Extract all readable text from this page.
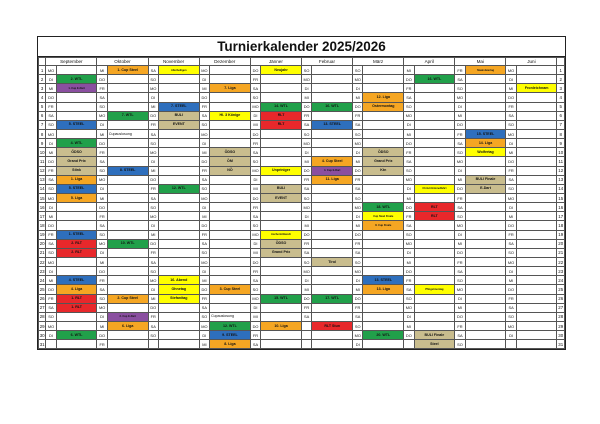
Turnierkalender 2025/2026
	September		Oktober		November		Dezember		Jänner		Februar		März		April		Mai		Juni		
1	MO		MI	1. Cup Steel	SA	Allerheiligen	MO		DO	Neujahr	SO		SO		MI		FR	Staatsfeiertag	MO		1
2	DI	2. WTL	DO		SO		DI		FR		MO		MO		DO	16. WTL	SA		DI		2
3	MI	1. Cup E-Dart	FR		MO		MI	7. Liga	SA		DI		DI		FR		SO		MI	Fronleichnam	3
4	DO		SA		DI		DO		SO		MI		MI	12. Liga	SA		MO		DO		4
5	FR		SO		MI	7. STEEL	FR		MO	14. WTL	DO	16. WTL	DO	Ostermontag	SO		DI		FR		5
6	SA		MO	7. WTL	DO	BULI	SA	Hl. 3 Könige	DI	RLT	FR		FR		MO		MI		SA		6
7	SO	5. STEEL	DI		FR	EVENT	SO		MI	RLT	SA	13. STEEL	SA		DI		DO		SO		7
8	MO		MI	Cupauslosung	SA		MO		DO		SO		SO		MI		FR	15. STEEL	MO		8
9	DI	4. WTL	DO		SO		DI		FR		MO		MO		DO		SA	14. Liga	DI		9
10	MI	ÖDSO	FR		MO		MI	ÖDSO	SA		DI		DI	ÖDSO	FR		SO	Wolfertag	MI		10
11	DO	Grand Prix	SA		DI		DO	ÖM	SO		MI	4. Cup Steel	MI	Grand Prix	SA		MO		DO		11
12	FR	Stink	SO	8. STEEL	MI		FR	NÖ	MO	Unpriniger	DO	4. Cup E-Dart	DO	Ktn	SO		DI		FR		12
13	SA	1. Liga	MO		DO		SA		DI		FR	11. Liga	FR		MO		MI	BULI Finale	SA		13
14	SO	5. STEEL	DI		FR	12. WTL	SO		MI	BULI	SA		SA		DI	Christi Himmelfahrt	DO	E-Dart	SO		14
15	MO	5. Liga	MI		SA		MO		DO	EVENT	SO		SO		MI		FR		MO		15
16	DI		DO		SO		DI		FR		MO		MO	18. WTL	DO	RLT	SA		DI		16
17	MI		FR		MO		MI		SA		DI		DI	Cup Steel Finale	FR	RLT	SO		MI		17
18	DO		SA		DI		DO		SO		MI		MI	8. Cup Finale	SA		MO		DO		18
19	FR	1. STEEL	SO		MI		FR		MO	Aschermittwoch	DO		DO		SO		DI		FR		19
20	SA	2. RLT	MO	10. WTL	DO		SA		DI	ÖDSO	FR		FR		MO		MI		SA		20
21	SO	2. RLT	DI		FR		SO		MI	Grand Prix	SA		SA		DI		DO		SO		21
22	MO		MI		SA		MO		DO		SO	Tirol	SO		MI		FR		MO		22
23	DI		DO		SO		DI		FR		MO		MO		DO		SA		DI		23
24	MI	4. STEEL	FR		MO	16. Abend	MI		SA		DI		DI	13. STEEL	FR		SO		MI		24
25	DO	4. Liga	SA		DI	Ohnetag	DO	3. Cup Steel	SO		MI		MI	13. Liga	SA	Pfingstmontag	MO		DO		25
26	FR	1. RLT	SO	2. Cup Steel	MI	Stefanitag	FR		MO	15. WTL	DO	17. WTL	DO		SO		DI		FR		26
27	SA	1. RLT	MO		DO		SA		DI		FR		FR		MO		MI		SA		27
28	SO		DI	2. Cup E-Dart	FR		SO	Cupauslosung	MI		SA		SA		DI		DO		SO		28
29	MO		MI	6. Liga	SA		MO	12. WTL	DO	10. Liga		RLT Stun	SO		MI		FR		MO		29
30	DI	6. WTL	DO		SO		DI	9. STEEL	FR				MO	20. WTL	DO	BULI Finale	SA		DI		30
31			FR				MI	8. Liga	SA				DI			Steel	SO				31
